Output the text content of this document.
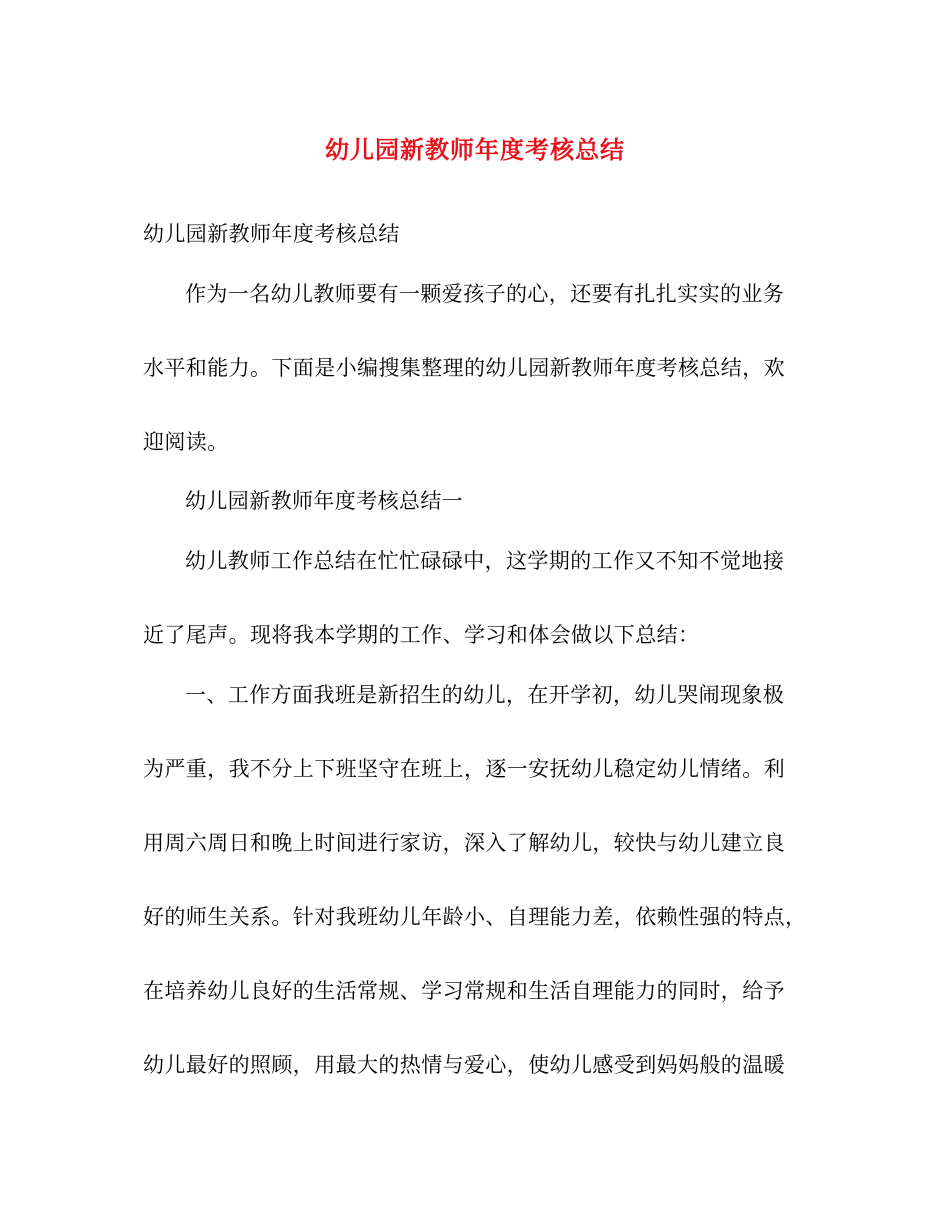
幼儿园新教师年度考核总结
幼儿园新教师年度考核总结
作为一名幼儿教师要有一颗爱孩子的心，还要有扎扎实实的业务
水平和能力。下面是小编搜集整理的幼儿园新教师年度考核总结，欢
迎阅读。
幼儿园新教师年度考核总结一
幼儿教师工作总结在忙忙碌碌中，这学期的工作又不知不觉地接
近了尾声。现将我本学期的工作、学习和体会做以下总结：
一、工作方面我班是新招生的幼儿，在开学初，幼儿哭闹现象极
为严重，我不分上下班坚守在班上，逐一安抚幼儿稳定幼儿情绪。利
用周六周日和晚上时间进行家访，深入了解幼儿，较快与幼儿建立良
好的师生关系。针对我班幼儿年龄小、自理能力差，依赖性强的特点，
在培养幼儿良好的生活常规、学习常规和生活自理能力的同时，给予
幼儿最好的照顾，用最大的热情与爱心，使幼儿感受到妈妈般的温暖
